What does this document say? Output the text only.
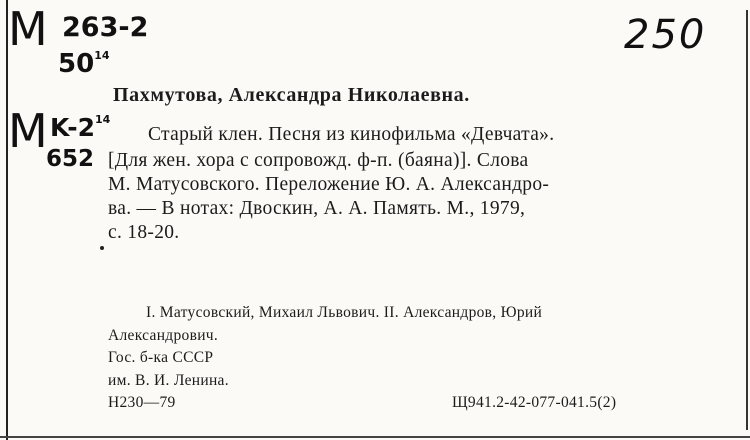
M 263-2
$50^{14}$	250
Пахмутова, Александра Николаевна.
M $K-2^{14}$
652
Старый клен. Песня из кинофильма «Девчата».
[Для жен. хора с сопровожд. ф-п. (баяна)]. Слова
М. Матусовского. Переложение Ю. А. Александро-
ва. — В нотах: Двоскин, А. А. Память. М., 1979,
с. 18-20.
I. Матусовский, Михаил Львович. II. Александров, Юрий
Александрович.
Гос. б-ка СССР
им. В. И. Ленина.
Н230—79	Щ941.2-42-077-041.5(2)
